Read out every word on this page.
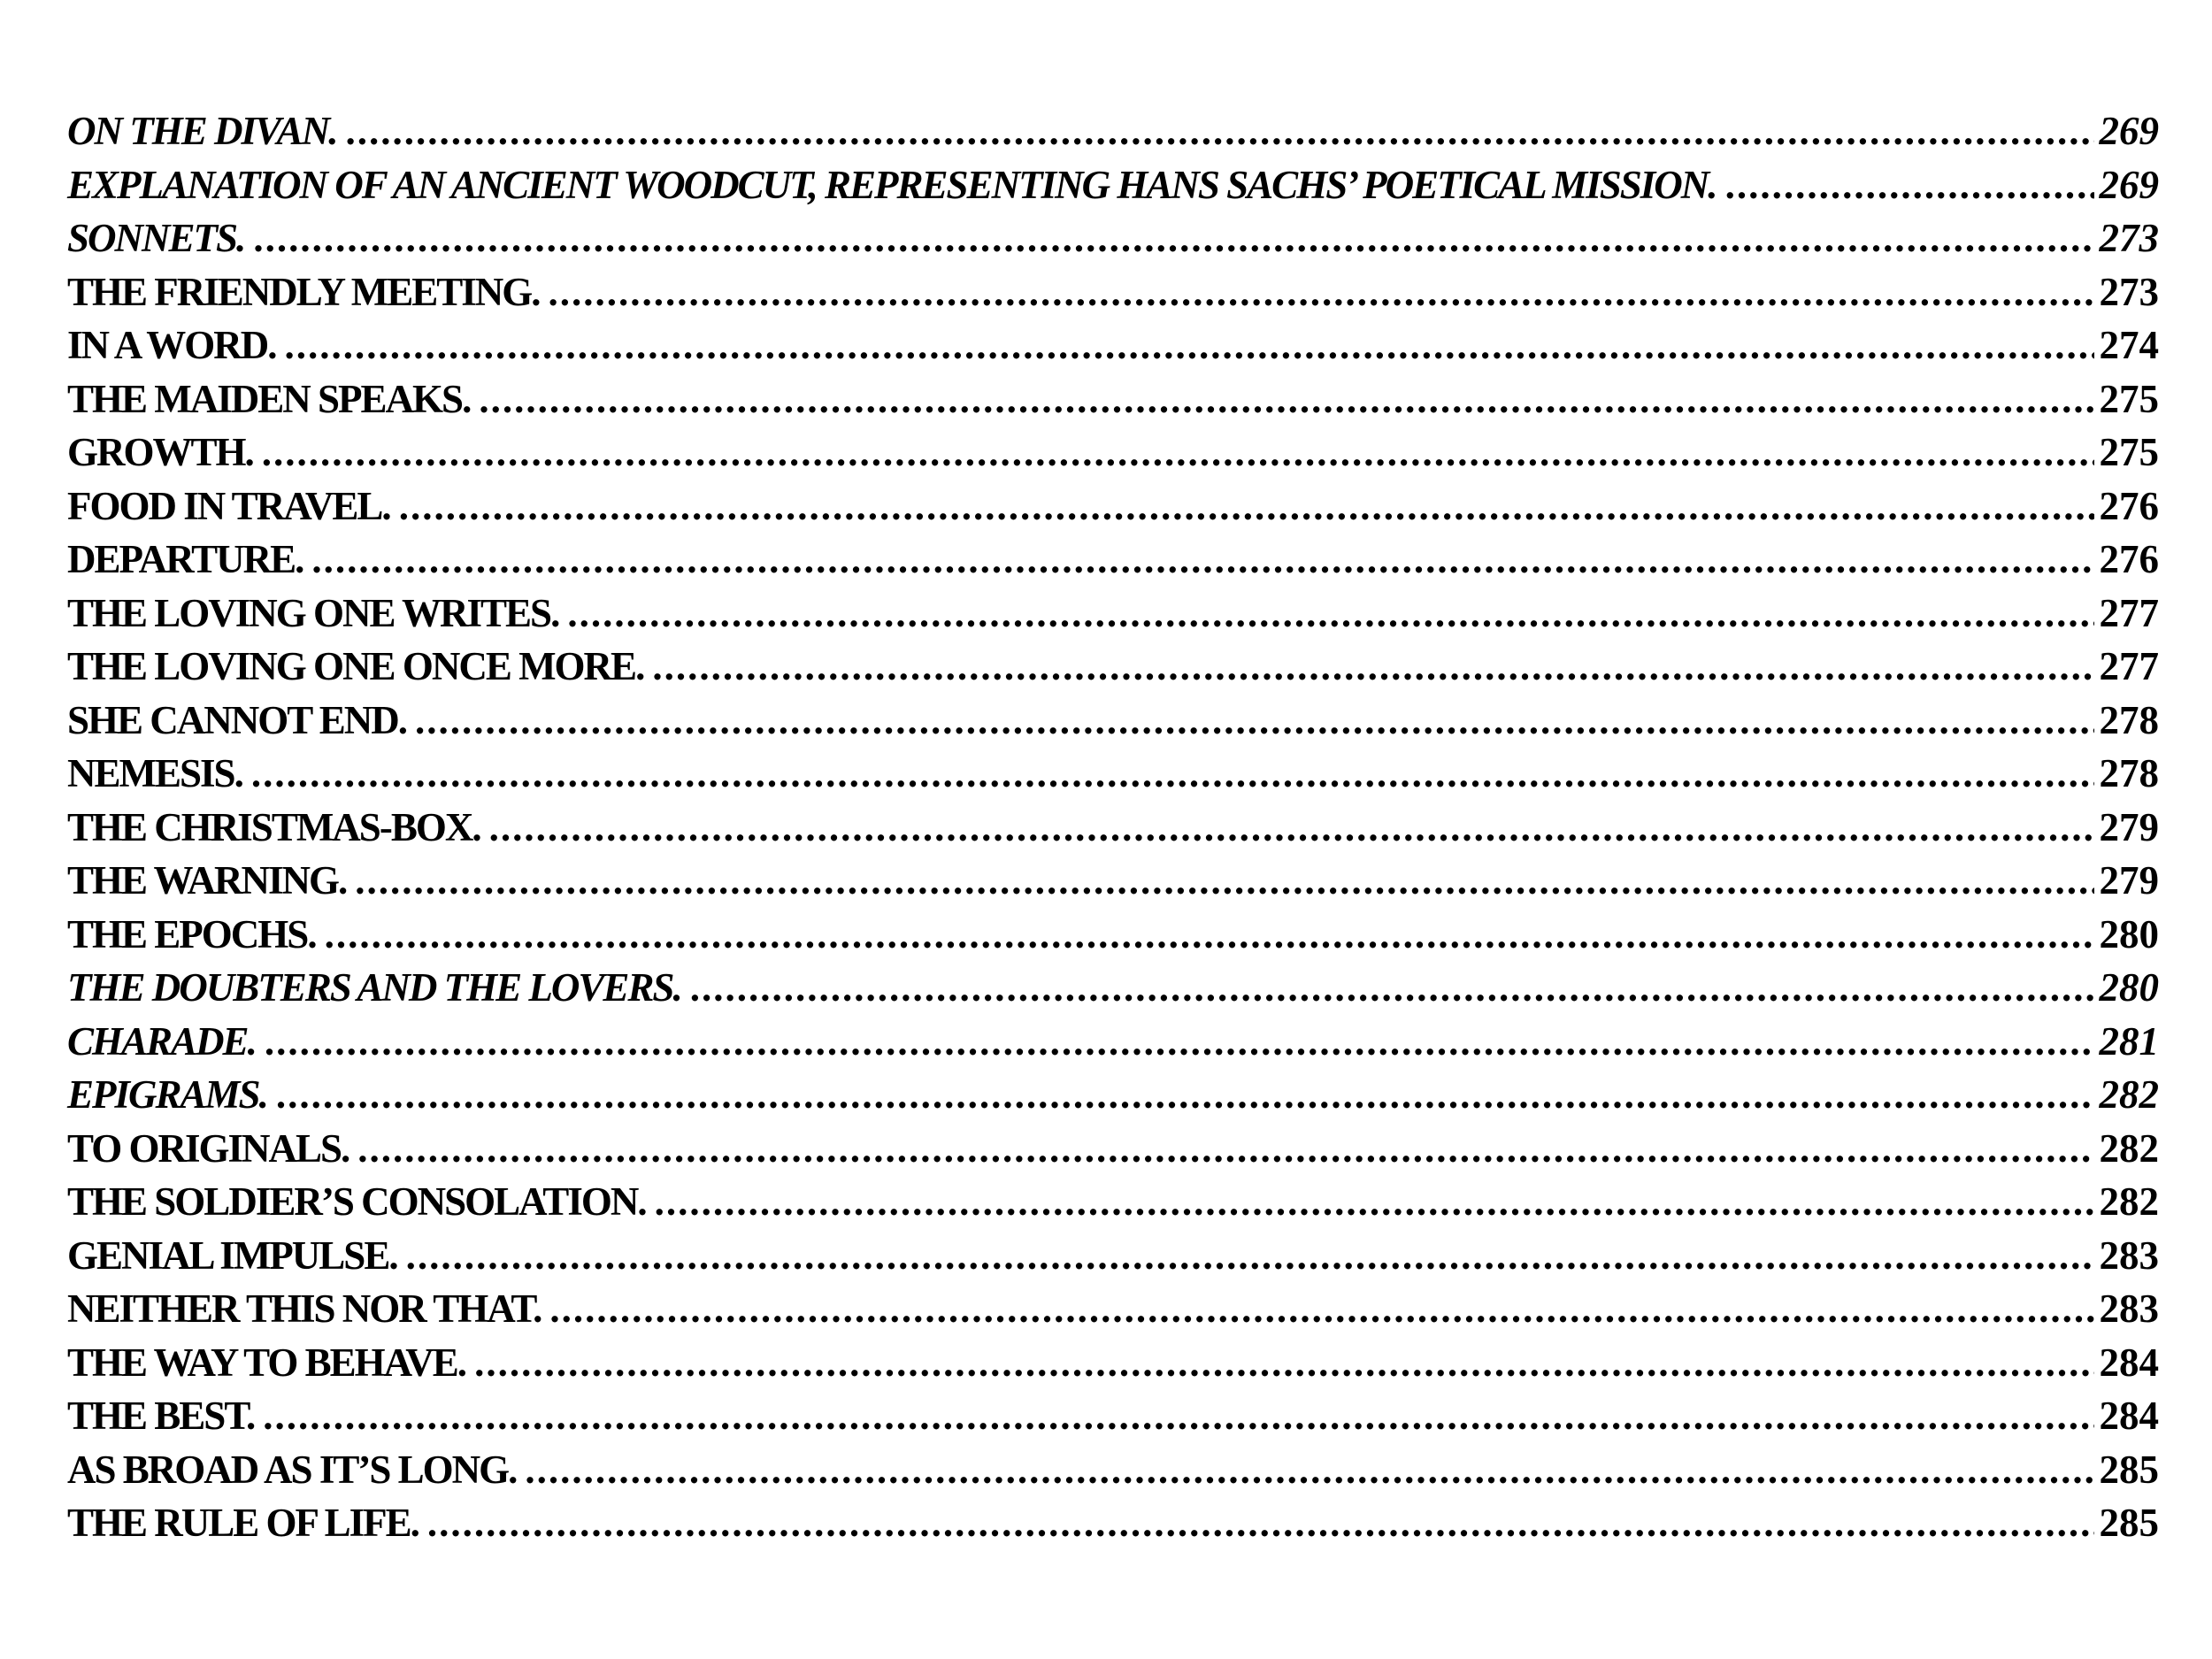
ON THE DIVAN. .....	269
EXPLANATION OF AN ANCIENT WOODCUT, REPRESENTING HANS SACHS’ POETICAL MISSION. .....	269
SONNETS. .....	273
THE FRIENDLY MEETING. .....	273
IN A WORD. .....	274
THE MAIDEN SPEAKS. .....	275
GROWTH. .....	275
FOOD IN TRAVEL. .....	276
DEPARTURE. .....	276
THE LOVING ONE WRITES. .....	277
THE LOVING ONE ONCE MORE. .....	277
SHE CANNOT END. .....	278
NEMESIS. .....	278
THE CHRISTMAS-BOX. .....	279
THE WARNING. .....	279
THE EPOCHS. .....	280
THE DOUBTERS AND THE LOVERS. .....	280
CHARADE. .....	281
EPIGRAMS. .....	282
TO ORIGINALS. .....	282
THE SOLDIER’S CONSOLATION. .....	282
GENIAL IMPULSE. .....	283
NEITHER THIS NOR THAT. .....	283
THE WAY TO BEHAVE. .....	284
THE BEST. .....	284
AS BROAD AS IT’S LONG. .....	285
THE RULE OF LIFE. .....	285
